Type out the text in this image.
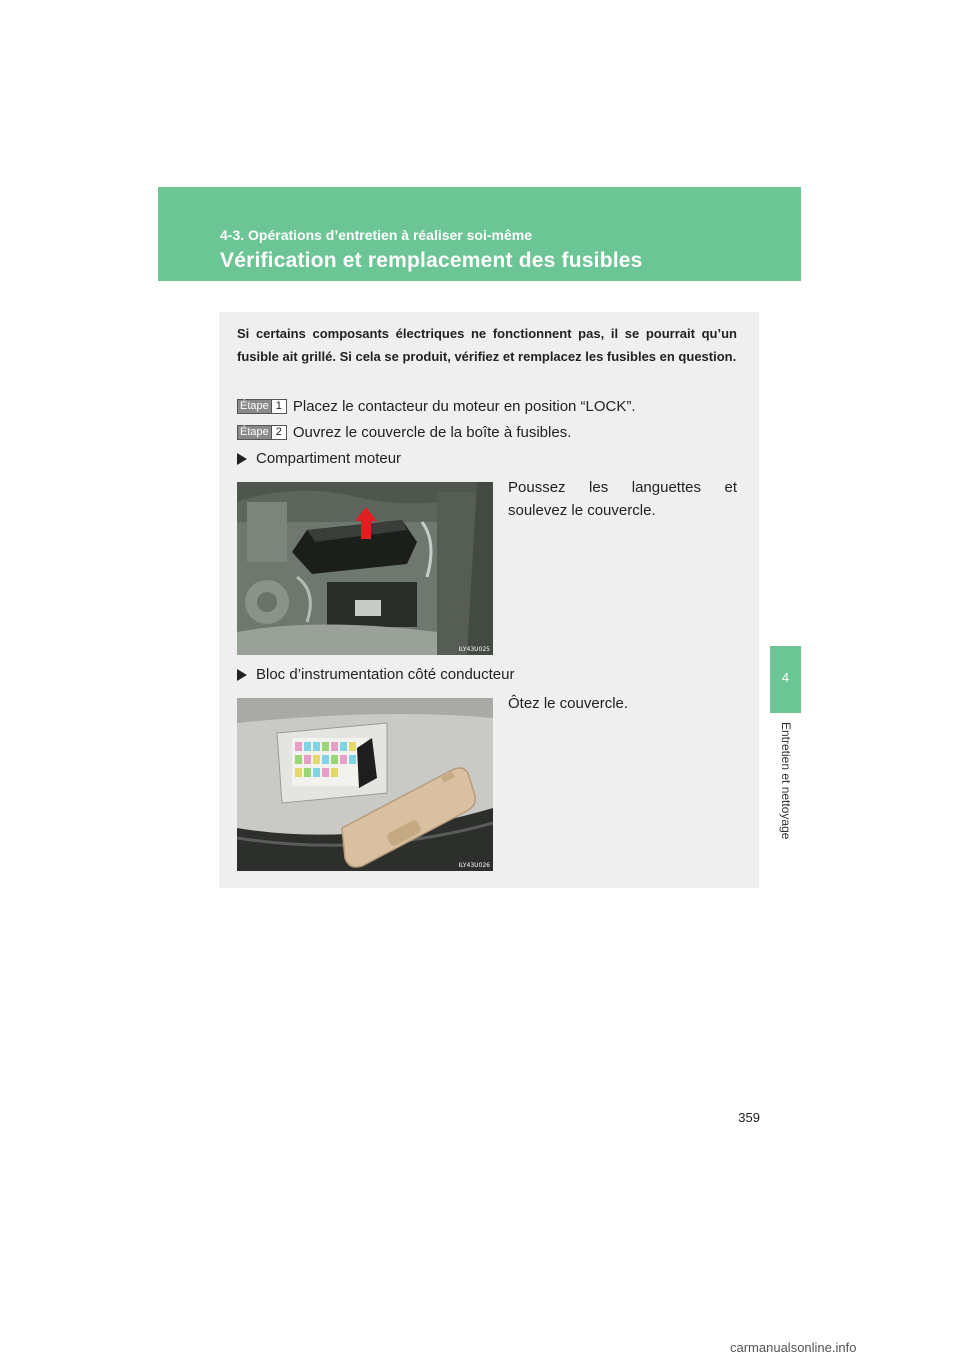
4-3. Opérations d’entretien à réaliser soi-même
Vérification et remplacement des fusibles
4
Entretien et nettoyage

Si certains composants électriques ne fonctionnent pas, il se pourrait qu’un fusible ait grillé. Si cela se produit, vérifiez et remplacez les fusibles en question.

Étape 1 Placez le contacteur du moteur en position “LOCK”.
Étape 2 Ouvrez le couvercle de la boîte à fusibles.
Compartiment moteur
ILY43U025

Poussez les languettes et soulevez le couvercle.

Bloc d’instrumentation côté conducteur
ILY43U026

Ôtez le couvercle.

359
carmanualsonline.info
